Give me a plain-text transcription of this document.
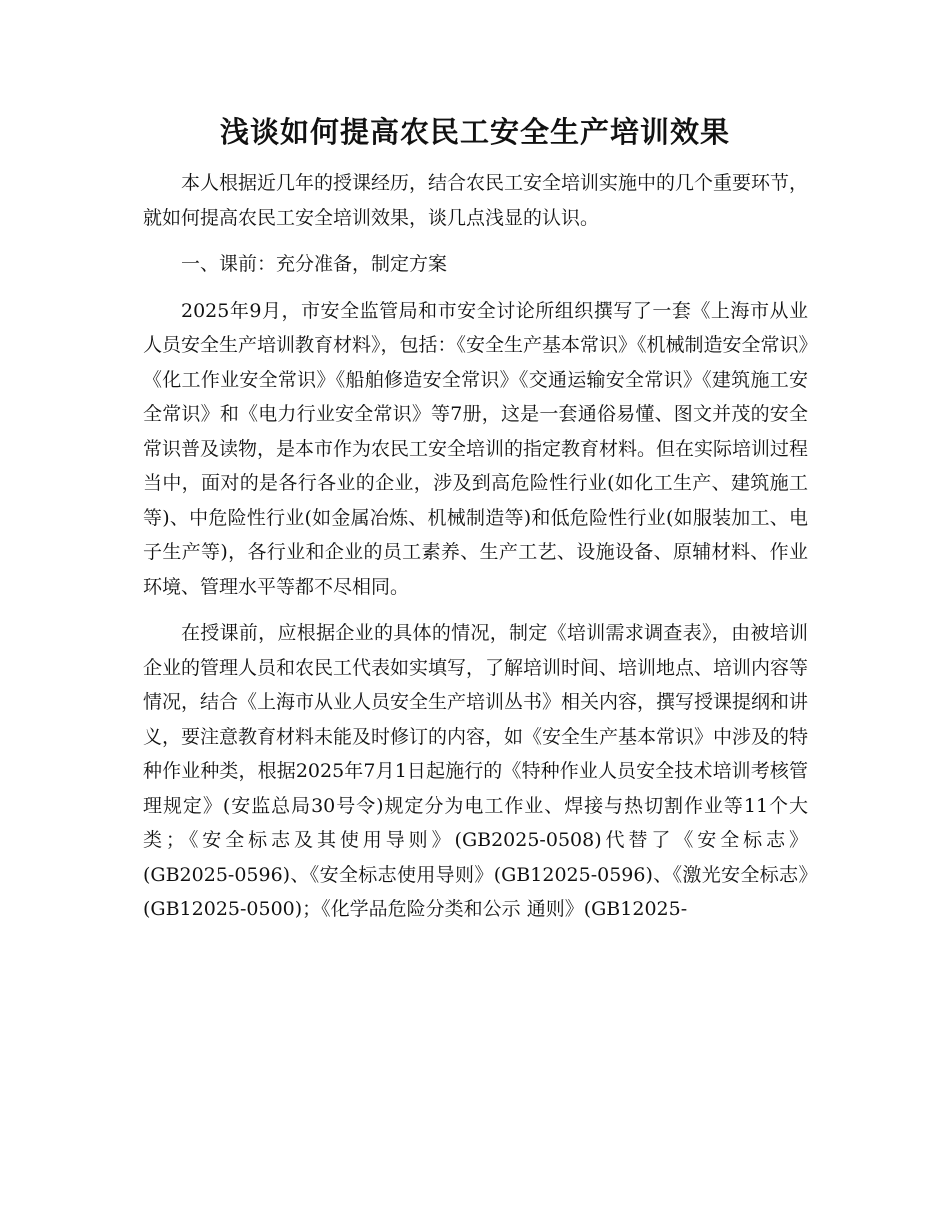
浅谈如何提高农民工安全生产培训效果

本人根据近几年的授课经历，结合农民工安全培训实施中的几个重要环节，就如何提高农民工安全培训效果，谈几点浅显的认识。

一、课前：充分准备，制定方案

2025年9月，市安全监管局和市安全讨论所组织撰写了一套《上海市从业人员安全生产培训教育材料》，包括：《安全生产基本常识》《机械制造安全常识》《化工作业安全常识》《船舶修造安全常识》《交通运输安全常识》《建筑施工安全常识》和《电力行业安全常识》等7册，这是一套通俗易懂、图文并茂的安全常识普及读物，是本市作为农民工安全培训的指定教育材料。但在实际培训过程当中，面对的是各行各业的企业，涉及到高危险性行业(如化工生产、建筑施工等)、中危险性行业(如金属冶炼、机械制造等)和低危险性行业(如服装加工、电子生产等)，各行业和企业的员工素养、生产工艺、设施设备、原辅材料、作业环境、管理水平等都不尽相同。

在授课前，应根据企业的具体的情况，制定《培训需求调查表》，由被培训企业的管理人员和农民工代表如实填写，了解培训时间、培训地点、培训内容等情况，结合《上海市从业人员安全生产培训丛书》相关内容，撰写授课提纲和讲义，要注意教育材料未能及时修订的内容，如《安全生产基本常识》中涉及的特种作业种类，根据2025年7月1日起施行的《特种作业人员安全技术培训考核管理规定》(安监总局30号令)规定分为电工作业、焊接与热切割作业等11个大类；《安全标志及其使用导则》(GB2025-0508)代替了《安全标志》(GB2025-0596)、《安全标志使用导则》(GB12025-0596)、《激光安全标志》(GB12025-0500)；《化学品危险分类和公示 通则》(GB12025-
